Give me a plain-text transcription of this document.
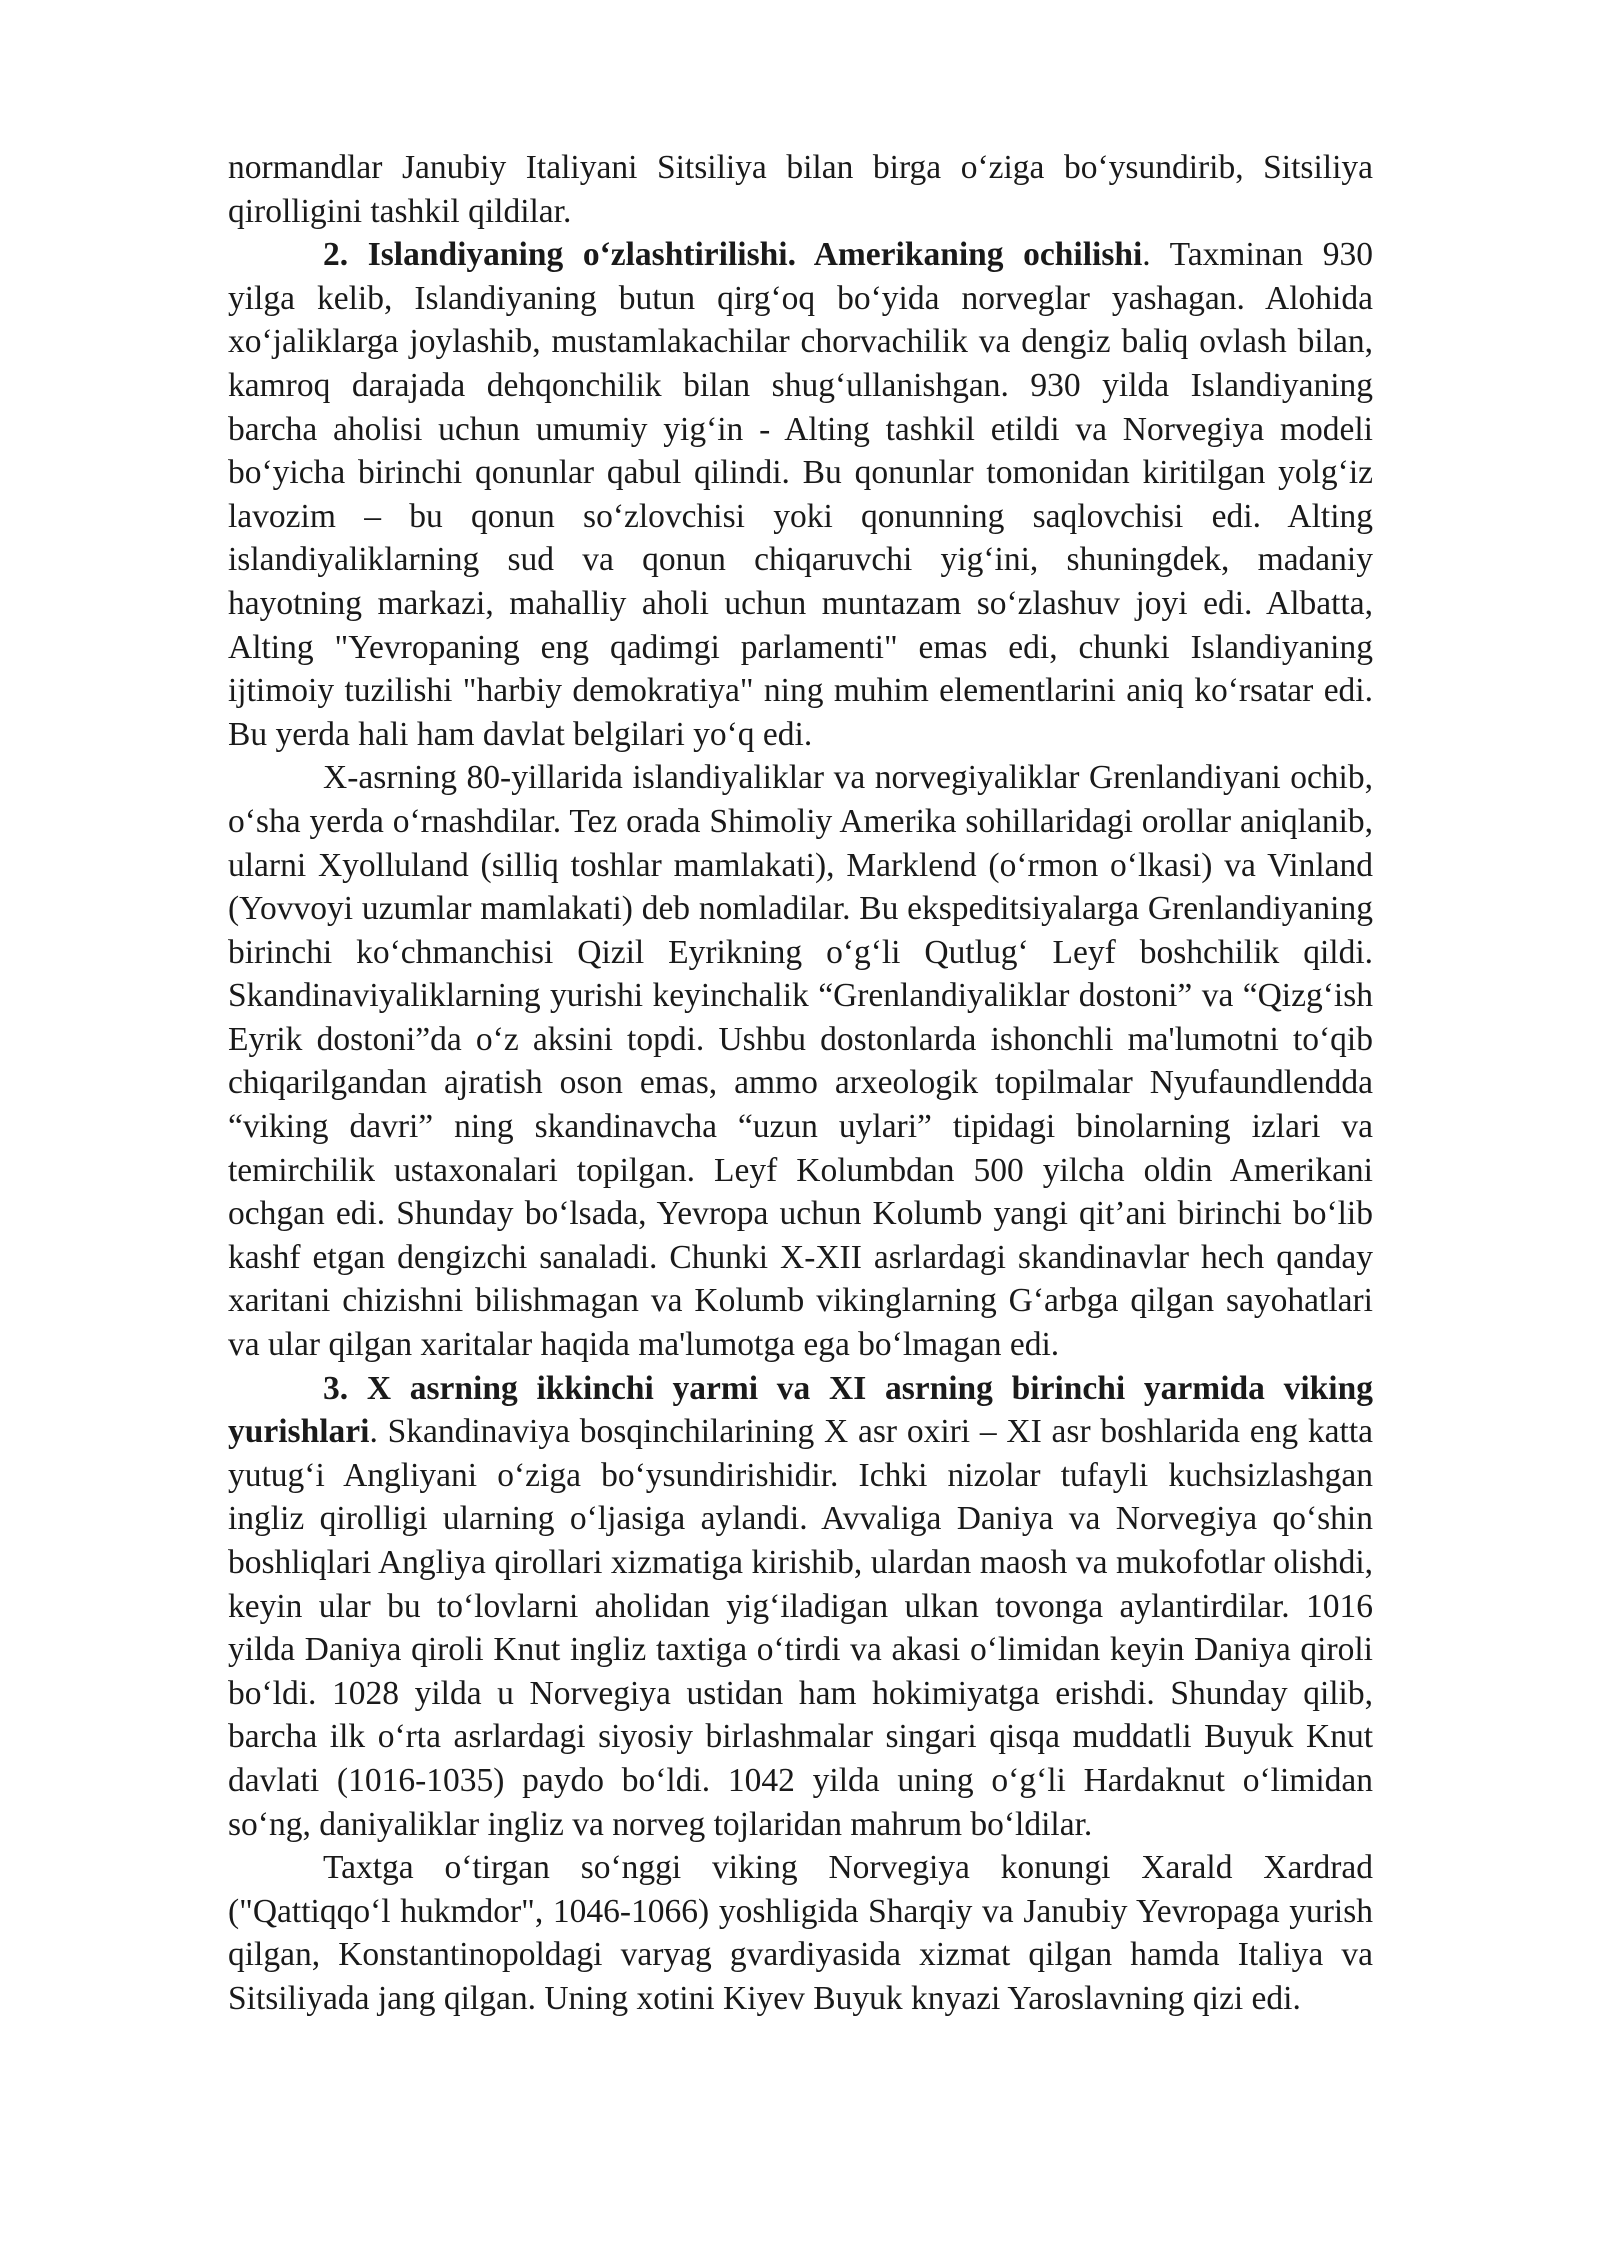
normandlar Janubiy Italiyani Sitsiliya bilan birga o‘ziga bo‘ysundirib, Sitsiliya qirolligini tashkil qildilar.

2. Islandiyaning o‘zlashtirilishi. Amerikaning ochilishi. Taxminan 930 yilga kelib, Islandiyaning butun qirg‘oq bo‘yida norveglar yashagan. Alohida xo‘jaliklarga joylashib, mustamlakachilar chorvachilik va dengiz baliq ovlash bilan, kamroq darajada dehqonchilik bilan shug‘ullanishgan. 930 yilda Islandiyaning barcha aholisi uchun umumiy yig‘in - Alting tashkil etildi va Norvegiya modeli bo‘yicha birinchi qonunlar qabul qilindi. Bu qonunlar tomonidan kiritilgan yolg‘iz lavozim – bu qonun so‘zlovchisi yoki qonunning saqlovchisi edi. Alting islandiyaliklarning sud va qonun chiqaruvchi yig‘ini, shuningdek, madaniy hayotning markazi, mahalliy aholi uchun muntazam so‘zlashuv joyi edi. Albatta, Alting "Yevropaning eng qadimgi parlamenti" emas edi, chunki Islandiyaning ijtimoiy tuzilishi "harbiy demokratiya" ning muhim elementlarini aniq ko‘rsatar edi. Bu yerda hali ham davlat belgilari yo‘q edi.

X-asrning 80-yillarida islandiyaliklar va norvegiyaliklar Grenlandiyani ochib, o‘sha yerda o‘rnashdilar. Tez orada Shimoliy Amerika sohillaridagi orollar aniqlanib, ularni Xyolluland (silliq toshlar mamlakati), Marklend (o‘rmon o‘lkasi) va Vinland (Yovvoyi uzumlar mamlakati) deb nomladilar. Bu ekspeditsiyalarga Grenlandiyaning birinchi ko‘chmanchisi Qizil Eyrikning o‘g‘li Qutlug‘ Leyf boshchilik qildi. Skandinaviyaliklarning yurishi keyinchalik “Grenlandiyaliklar dostoni” va “Qizg‘ish Eyrik dostoni”da o‘z aksini topdi. Ushbu dostonlarda ishonchli ma'lumotni to‘qib chiqarilgandan ajratish oson emas, ammo arxeologik topilmalar Nyufaundlendda “viking davri” ning skandinavcha “uzun uylari” tipidagi binolarning izlari va temirchilik ustaxonalari topilgan. Leyf Kolumbdan 500 yilcha oldin Amerikani ochgan edi. Shunday bo‘lsada, Yevropa uchun Kolumb yangi qit’ani birinchi bo‘lib kashf etgan dengizchi sanaladi. Chunki X-XII asrlardagi skandinavlar hech qanday xaritani chizishni bilishmagan va Kolumb vikinglarning G‘arbga qilgan sayohatlari va ular qilgan xaritalar haqida ma'lumotga ega bo‘lmagan edi.

3. X asrning ikkinchi yarmi va XI asrning birinchi yarmida viking yurishlari. Skandinaviya bosqinchilarining X asr oxiri – XI asr boshlarida eng katta yutug‘i Angliyani o‘ziga bo‘ysundirishidir. Ichki nizolar tufayli kuchsizlashgan ingliz qirolligi ularning o‘ljasiga aylandi. Avvaliga Daniya va Norvegiya qo‘shin boshliqlari Angliya qirollari xizmatiga kirishib, ulardan maosh va mukofotlar olishdi, keyin ular bu to‘lovlarni aholidan yig‘iladigan ulkan tovonga aylantirdilar. 1016 yilda Daniya qiroli Knut ingliz taxtiga o‘tirdi va akasi o‘limidan keyin Daniya qiroli bo‘ldi. 1028 yilda u Norvegiya ustidan ham hokimiyatga erishdi. Shunday qilib, barcha ilk o‘rta asrlardagi siyosiy birlashmalar singari qisqa muddatli Buyuk Knut davlati (1016-1035) paydo bo‘ldi. 1042 yilda uning o‘g‘li Hardaknut o‘limidan so‘ng, daniyaliklar ingliz va norveg tojlaridan mahrum bo‘ldilar.

Taxtga o‘tirgan so‘nggi viking Norvegiya konungi Xarald Xardrad ("Qattiqqo‘l hukmdor", 1046-1066) yoshligida Sharqiy va Janubiy Yevropaga yurish qilgan, Konstantinopoldagi varyag gvardiyasida xizmat qilgan hamda Italiya va Sitsiliyada jang qilgan. Uning xotini Kiyev Buyuk knyazi Yaroslavning qizi edi.
